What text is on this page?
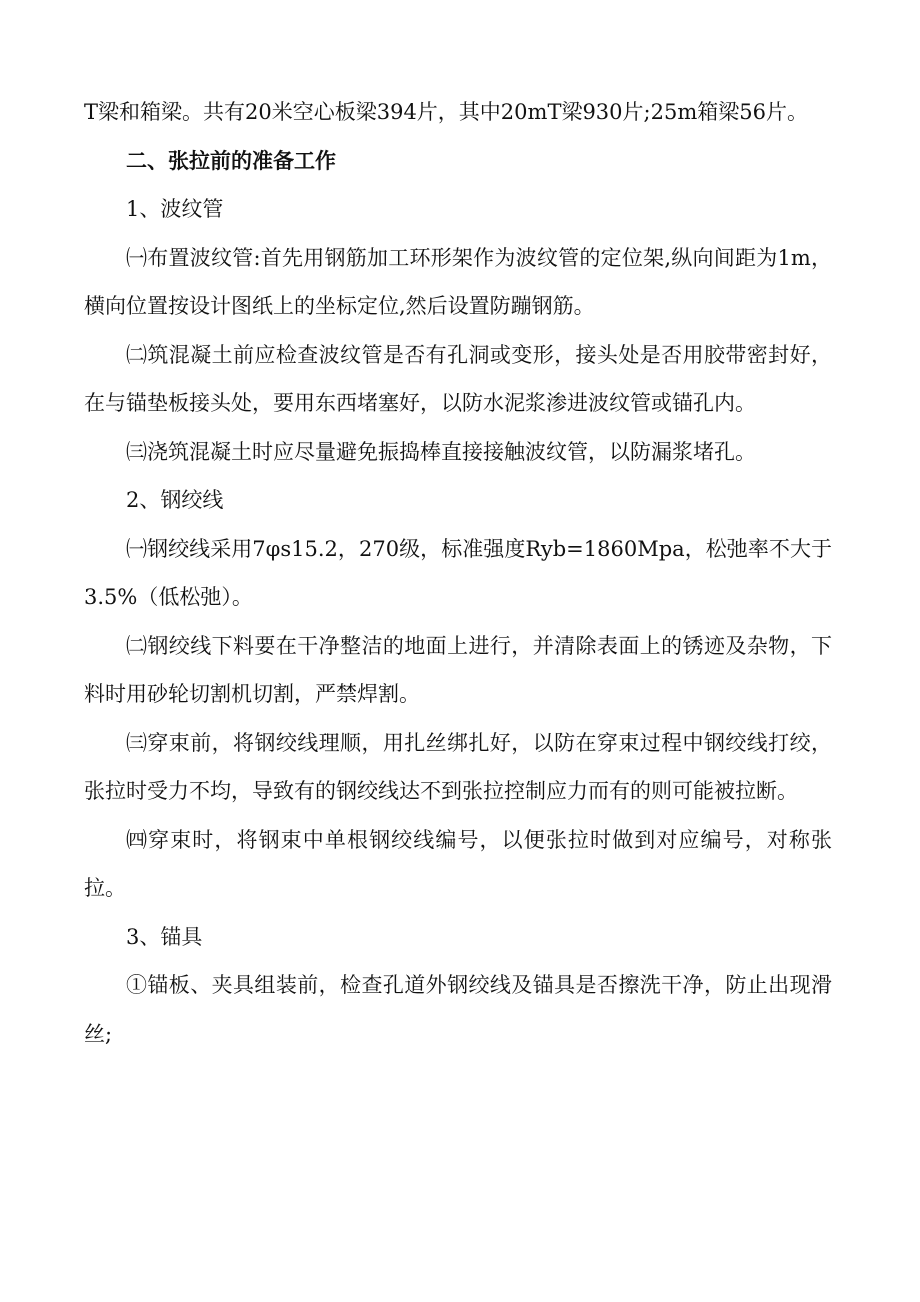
T梁和箱梁。共有20米空心板梁394片，其中20mT梁930片;25m箱梁56片。

二、张拉前的准备工作

1、波纹管

㈠布置波纹管:首先用钢筋加工环形架作为波纹管的定位架,纵向间距为1m，横向位置按设计图纸上的坐标定位,然后设置防蹦钢筋。

㈡筑混凝土前应检查波纹管是否有孔洞或变形，接头处是否用胶带密封好，在与锚垫板接头处，要用东西堵塞好，以防水泥浆渗进波纹管或锚孔内。

㈢浇筑混凝土时应尽量避免振捣棒直接接触波纹管，以防漏浆堵孔。

2、钢绞线

㈠钢绞线采用7φs15.2，270级，标准强度Ryb=1860Mpa，松弛率不大于3.5%（低松弛）。

㈡钢绞线下料要在干净整洁的地面上进行，并清除表面上的锈迹及杂物，下料时用砂轮切割机切割，严禁焊割。

㈢穿束前，将钢绞线理顺，用扎丝绑扎好，以防在穿束过程中钢绞线打绞，张拉时受力不均，导致有的钢绞线达不到张拉控制应力而有的则可能被拉断。

㈣穿束时，将钢束中单根钢绞线编号，以便张拉时做到对应编号，对称张拉。

3、锚具

①锚板、夹具组装前，检查孔道外钢绞线及锚具是否擦洗干净，防止出现滑丝;
